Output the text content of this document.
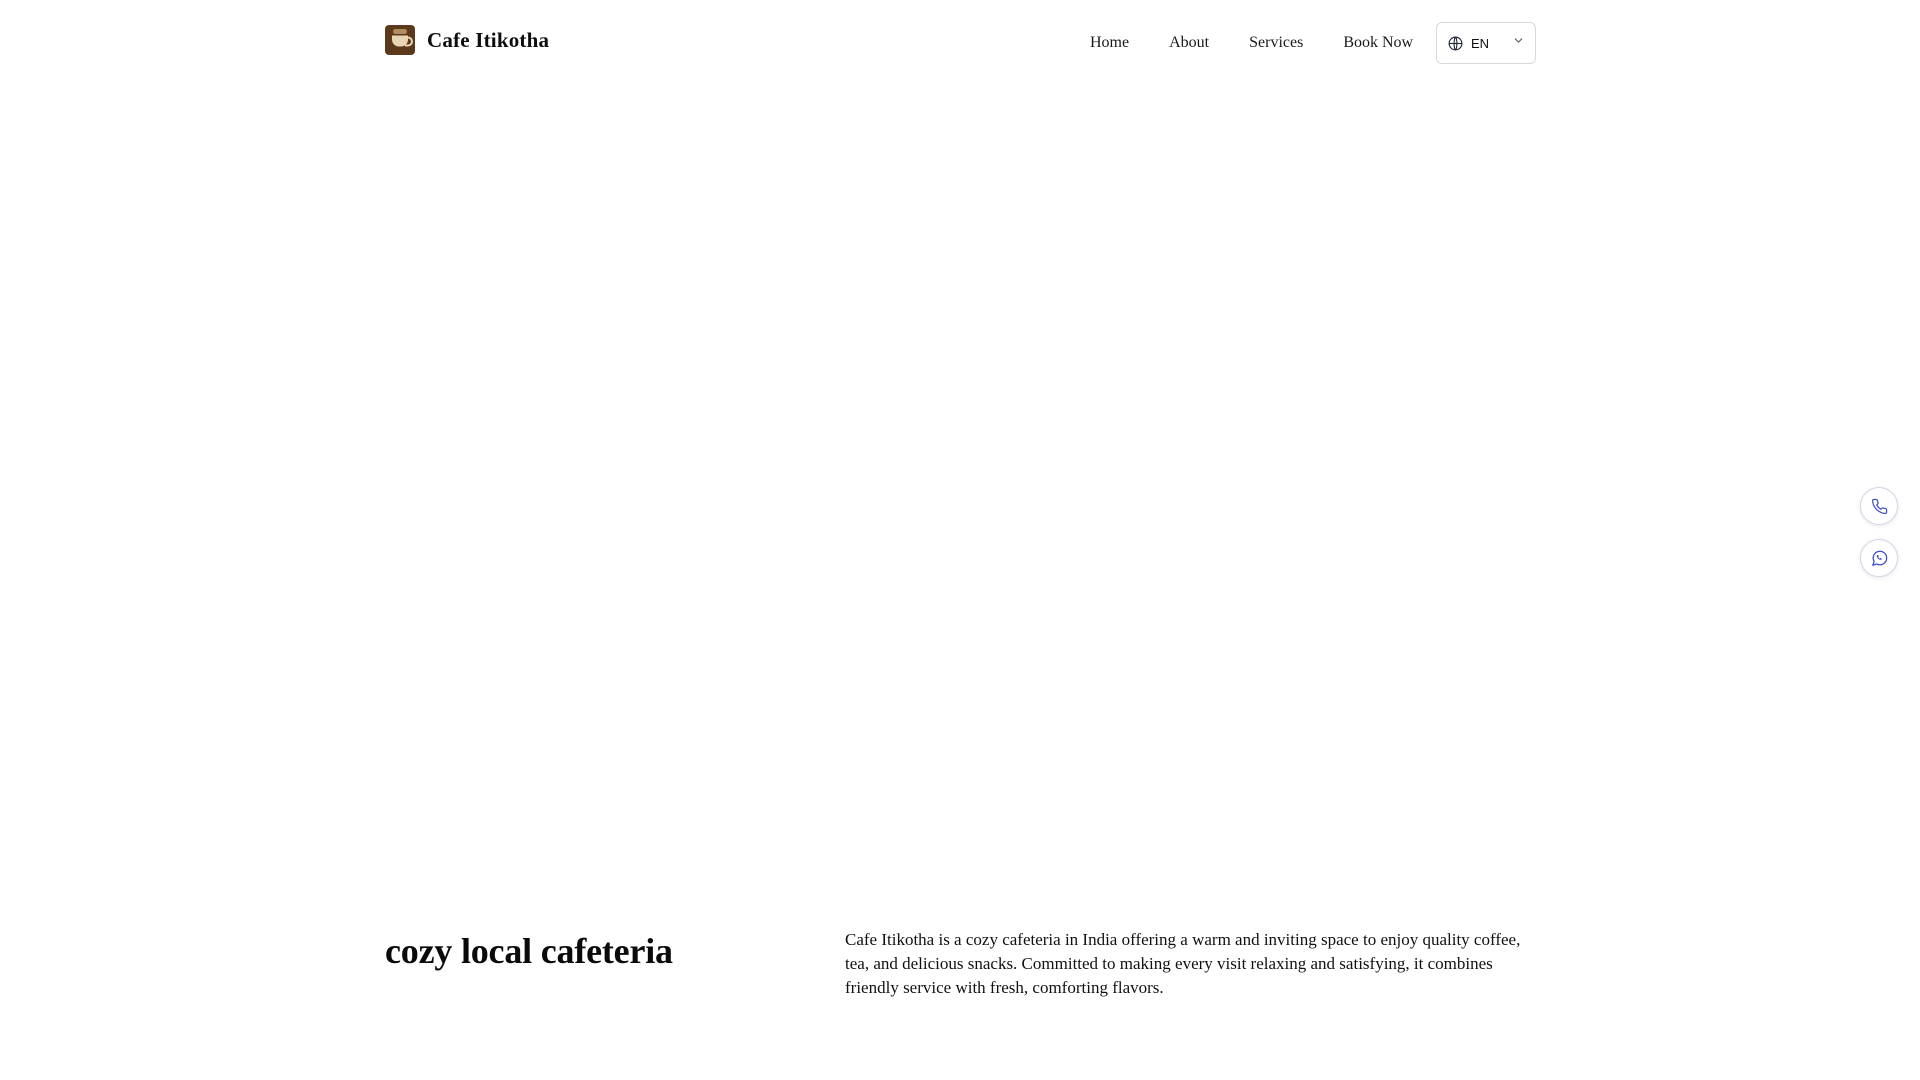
Cafe Itikotha	Home	About	Services	Book Now	EN
cozy local cafeteria	Cafe Itikotha is a cozy cafeteria in India offering a warm and inviting space to enjoy quality coffee, tea, and delicious snacks. Committed to making every visit relaxing and satisfying, it combines friendly service with fresh, comforting flavors.
